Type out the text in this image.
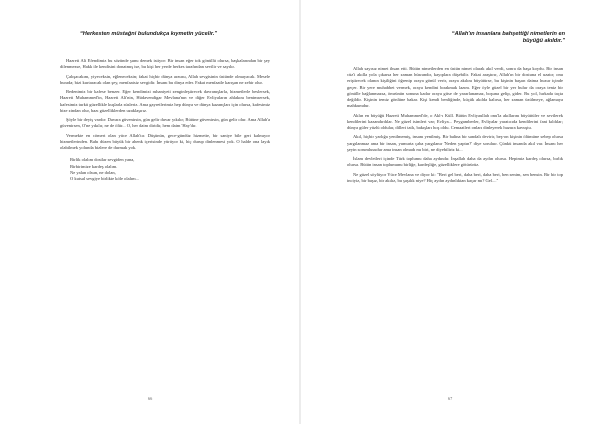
“Herkesten müstağni bulundukça kıymetin yücelir.”

Hazreti Ali Efendimiz bu sözünde şunu demek istiyor: Bir insan eğer tok gönüllü olursa, başkalarından bir şey dilenmezse, Hakk ile kendisini donatmış ise, bu kişi her yerde herkes tarafından sevilir ve sayılır.

Çalışacakım, yiyeceksin, eğleneceksin; fakat hiçbir dünya arzusu, Allah sevgisinin üstünde olmayacak. Mesele burada; bizi kurtaracak olan şey, menfaatsiz sevgidir. İnsanı bu dinya eder. Fakat menfaatle karışan ne zehir olur.

Bedenimiz bir kafese benzer. Eğer kendimizi ruhaniyeti zenginleştirecek davranışlarla, hizmetlerle beslersek, Hazreti Muhammed'in, Hazreti Ali'nin, Hüdavendigar Mevlana'nın ve diğer Evliyaların ahlakını benimsersek, kafesimiz turkü güzellikle kuşlarla süsleriz. Ama gayretlerimiz hep dünya ve dünya kazançları için olursa, kafesimiz bize zindan olur, bazı güzelliklerden uzaklaşırız.

Şöyle bir deyiş vardır: Davara güvenirsin, gün gelir duvar yıkılır; Bütüne güvenirsin, gün gelir olur. Ama Allah'a güvenirsen, O'ne yıkılır, ne de ölür... O, her daim diridir, hem daim 'Hay'dır.

Vermekte en cömert olan yüce Allah'tır. Düşünün, gece-gündüz hizmette, bir saniye bile geri kalmıyor hizmetlerinden. Bahı düzen büyük bir ahenk içerisinde yürüyor ki, hiç durup dinlenmesi yok. O halde ona layık olabilmek yolunda bizlere de durmak yok.

Birlik olalım dostlar sevgiden yana,
Birbirimize kardeş olalım.
Ne yalan olsun, ne dolan,
O kutsal sevgiye birlikte köle olalım...

66
“Allah'ın insanlara bahşettiği nimetlerin en büyüğü akıldır.”

Allah sayısız nimet ihsan etti. Bütün nimetlerden en üstün nimet olarak akıl verdi, sonra da başa koydu. Bir insan cüz'i akılla yola çıkarsa her zaman hüsrandır, kayıplara düşebilir. Fakat araştırır, Allah'ın bir dostuna el uzatır; onu eriştirecek olanın kişiliğini öğrenip oraya gönül verir, oraya akılını büyütürse, bu kişinin başarı daima huzur içinde geçer. Bir yere muhabbet vermek, oraya kendini bırakmak lazım. Eğer öyle güzel bir yer bulur da oraya teniz bir gönülle bağlanmazsa, ömrünün sonuna kadar oraya gitse de yararlanamaz, boşuna gelip, gider. Bu yol, hırkada taçta değildir. Kişinin temiz gönlüne bakar. Kişi kendi benliğinde, küçük akılda kalırsa, her zaman üzülmeye, ağlamaya mahkumdur.

Aklın en büyüğü Hazreti Muhammed'de, o Akl-ı Küll. Bütün Evliyaullah onu'la akıllarını büyüttüler ve sevilerek kendilerini kazandırdılar. Ne güzel isimleri var; Evliya... Peygamberler, Evliyalar yaratıcıda kendilerini fani kıldılar; dünya güler yüzlü oldular, dilleri tatlı, bakışları hoş oldu. Cemaatleri onları dinleyerek huzura kavuştu.

Akıl, hiçbir yarlığa yenilmemiş, insanı yenilmiş. Bir balina bir sandalı devirir, beş-on kişinin ölümüne sebep olursa yargılanmaz ama bir insan, yumurta çaba yargılanır 'Neden yaptın?' diye soruluır. Çünkü insanda akıl var. İnsanı her şeyin sorumlusudur ama insan olmadı mı biri, ne diyebiliriz ki...

İslam devletleri içinde Türk toplumu daha aydındır. İnşallah daha da aydın olursa. Hepimiz kardeş olursa, bırlık olursa. Bütün insan toplumunu birliğe, kardeşliğe, güzelliklere götürürüz.

Ne güzel söylüyor Yüce Mevlana ve diyor ki: "Beri gel beri, daha beri, daha beri, ben senim, sen bensin. Bir bir top inciyiz, bir başız, bir akılız, bu şaşılık niye? Hiç aydın aydınlıktan kaçar mı? Gel...."

67
